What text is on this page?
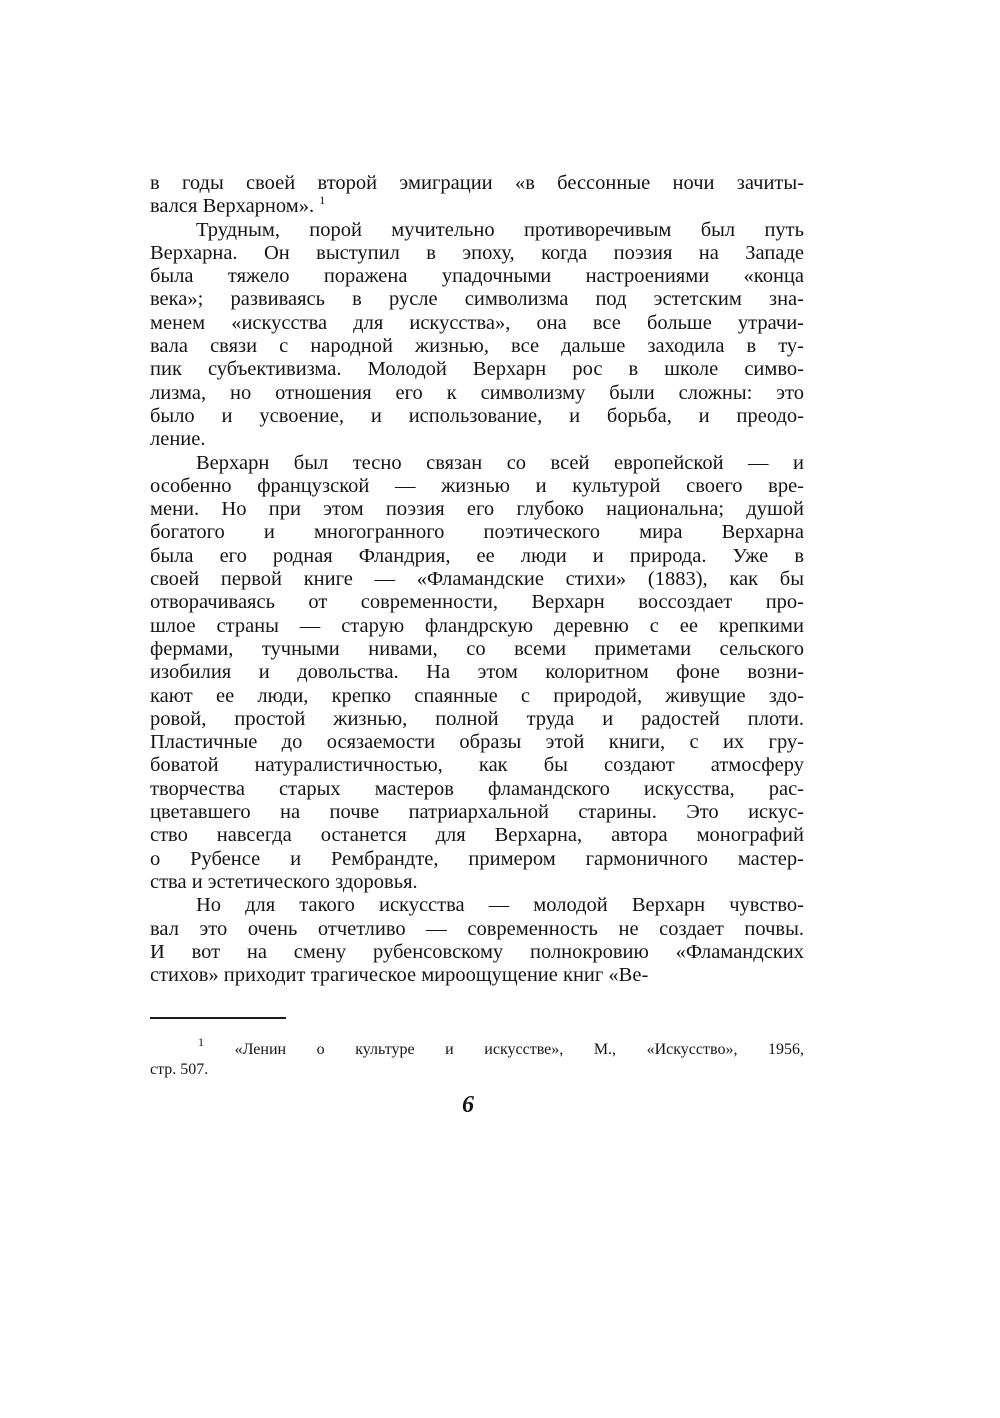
в годы своей второй эмиграции «в бессонные ночи зачиты-
вался Верхарном». $^1$
Трудным, порой мучительно противоречивым был путь
Верхарна. Он выступил в эпоху, когда поэзия на Западе
была тяжело поражена упадочными настроениями «конца
века»; развиваясь в русле символизма под эстетским зна-
менем «искусства для искусства», она все больше утрачи-
вала связи с народной жизнью, все дальше заходила в ту-
пик субъективизма. Молодой Верхарн рос в школе симво-
лизма, но отношения его к символизму были сложны: это
было и усвоение, и использование, и борьба, и преодо-
ление.
Верхарн был тесно связан со всей европейской — и
особенно французской — жизнью и культурой своего вре-
мени. Но при этом поэзия его глубоко национальна; душой
богатого и многогранного поэтического мира Верхарна
была его родная Фландрия, ее люди и природа. Уже в
своей первой книге — «Фламандские стихи» (1883), как бы
отворачиваясь от современности, Верхарн воссоздает про-
шлое страны — старую фландрскую деревню с ее крепкими
фермами, тучными нивами, со всеми приметами сельского
изобилия и довольства. На этом колоритном фоне возни-
кают ее люди, крепко спаянные с природой, живущие здо-
ровой, простой жизнью, полной труда и радостей плоти.
Пластичные до осязаемости образы этой книги, с их гру-
боватой натуралистичностью, как бы создают атмосферу
творчества старых мастеров фламандского искусства, рас-
цветавшего на почве патриархальной старины. Это искус-
ство навсегда останется для Верхарна, автора монографий
о Рубенсе и Рембрандте, примером гармоничного мастер-
ства и эстетического здоровья.
Но для такого искусства — молодой Верхарн чувство-
вал это очень отчетливо — современность не создает почвы.
И вот на смену рубенсовскому полнокровию «Фламандских
стихов» приходит трагическое мироощущение книг «Ве-
$^1$ «Ленин о культуре и искусстве», М., «Искусство», 1956,
стр. 507.
6
